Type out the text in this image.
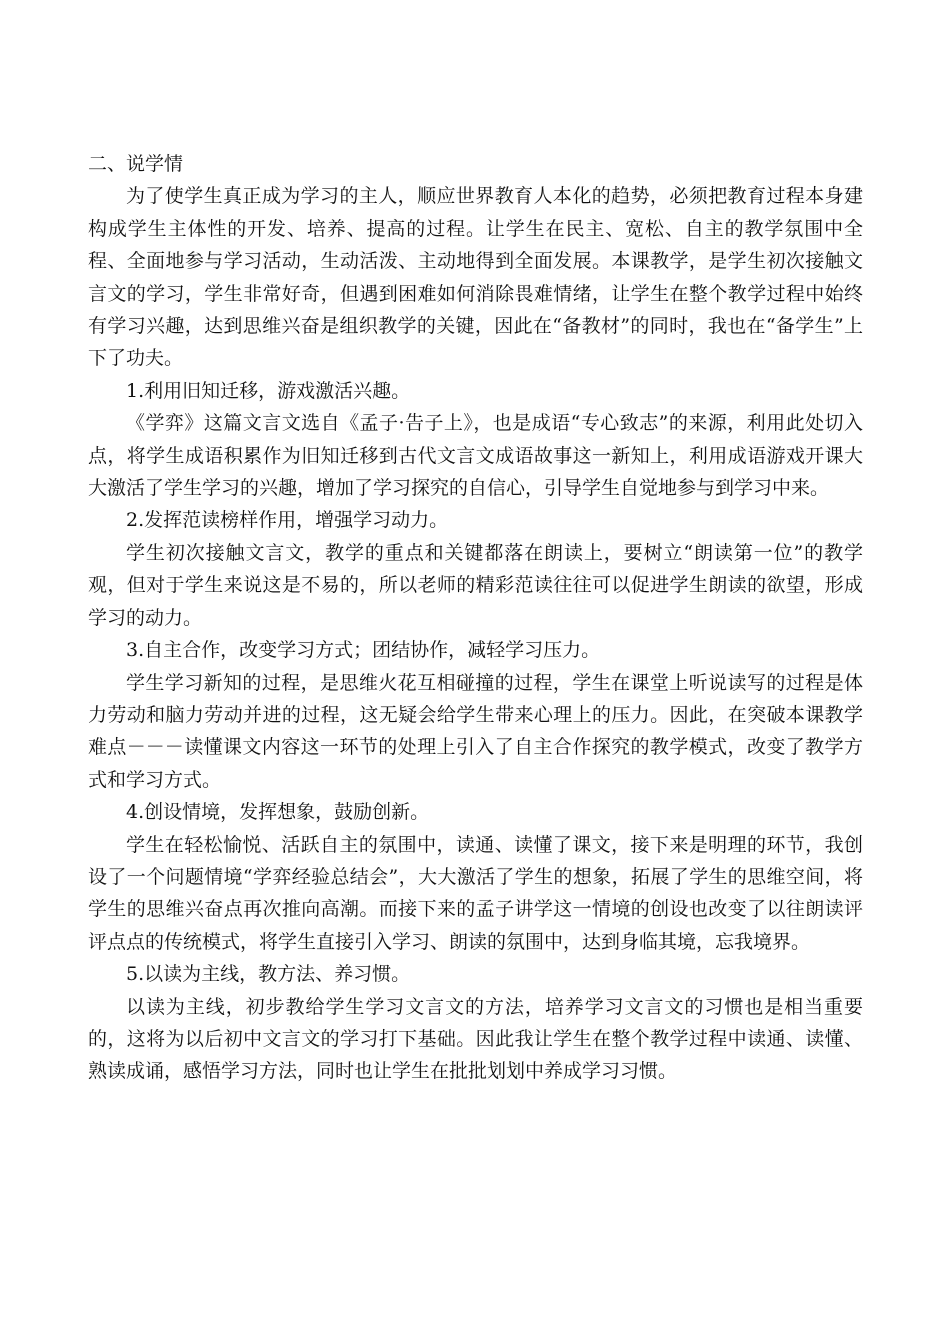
二、说学情

为了使学生真正成为学习的主人，顺应世界教育人本化的趋势，必须把教育过程本身建构成学生主体性的开发、培养、提高的过程。让学生在民主、宽松、自主的教学氛围中全程、全面地参与学习活动，生动活泼、主动地得到全面发展。本课教学，是学生初次接触文言文的学习，学生非常好奇，但遇到困难如何消除畏难情绪，让学生在整个教学过程中始终有学习兴趣，达到思维兴奋是组织教学的关键，因此在“备教材”的同时，我也在“备学生”上下了功夫。

1.利用旧知迁移，游戏激活兴趣。

《学弈》这篇文言文选自《孟子·告子上》，也是成语“专心致志”的来源，利用此处切入点，将学生成语积累作为旧知迁移到古代文言文成语故事这一新知上，利用成语游戏开课大大激活了学生学习的兴趣，增加了学习探究的自信心，引导学生自觉地参与到学习中来。

2.发挥范读榜样作用，增强学习动力。

学生初次接触文言文，教学的重点和关键都落在朗读上，要树立“朗读第一位”的教学观，但对于学生来说这是不易的，所以老师的精彩范读往往可以促进学生朗读的欲望，形成学习的动力。

3.自主合作，改变学习方式；团结协作，减轻学习压力。

学生学习新知的过程，是思维火花互相碰撞的过程，学生在课堂上听说读写的过程是体力劳动和脑力劳动并进的过程，这无疑会给学生带来心理上的压力。因此，在突破本课教学难点－－－读懂课文内容这一环节的处理上引入了自主合作探究的教学模式，改变了教学方式和学习方式。

4.创设情境，发挥想象，鼓励创新。

学生在轻松愉悦、活跃自主的氛围中，读通、读懂了课文，接下来是明理的环节，我创设了一个问题情境“学弈经验总结会”，大大激活了学生的想象，拓展了学生的思维空间，将学生的思维兴奋点再次推向高潮。而接下来的孟子讲学这一情境的创设也改变了以往朗读评评点点的传统模式，将学生直接引入学习、朗读的氛围中，达到身临其境，忘我境界。

5.以读为主线，教方法、养习惯。

以读为主线，初步教给学生学习文言文的方法，培养学习文言文的习惯也是相当重要的，这将为以后初中文言文的学习打下基础。因此我让学生在整个教学过程中读通、读懂、熟读成诵，感悟学习方法，同时也让学生在批批划划中养成学习习惯。
